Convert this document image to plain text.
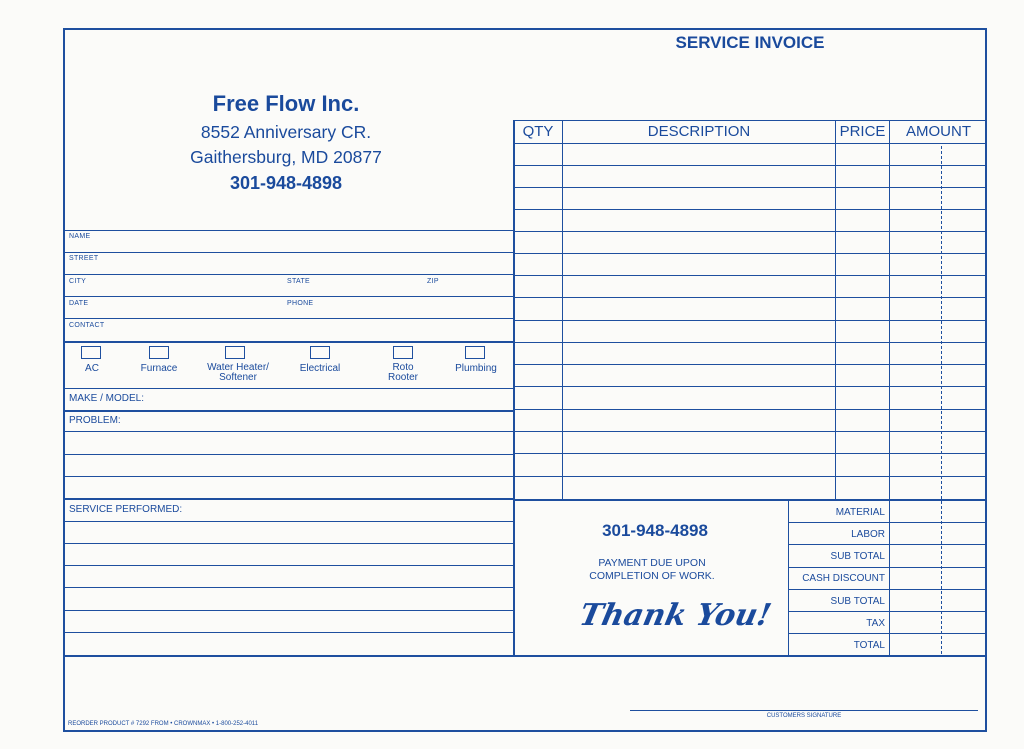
SERVICE INVOICE
Free Flow Inc.
8552 Anniversary CR.
Gaithersburg, MD 20877
301-948-4898
QTY	DESCRIPTION	PRICE	AMOUNT
MATERIAL
LABOR
SUB TOTAL
CASH DISCOUNT
SUB TOTAL
TAX
TOTAL
301-948-4898
PAYMENT DUE UPON
COMPLETION OF WORK.
Thank You!
NAME
STREET
CITY	STATE	ZIP
DATE	PHONE
CONTACT
AC	Furnace	Water Heater/ Softener
Electrical	Roto Rooter
Plumbing
MAKE / MODEL:
PROBLEM:
SERVICE PERFORMED:
CUSTOMERS SIGNATURE
REORDER PRODUCT # 7292 FROM • CROWNMAX • 1-800-252-4011
